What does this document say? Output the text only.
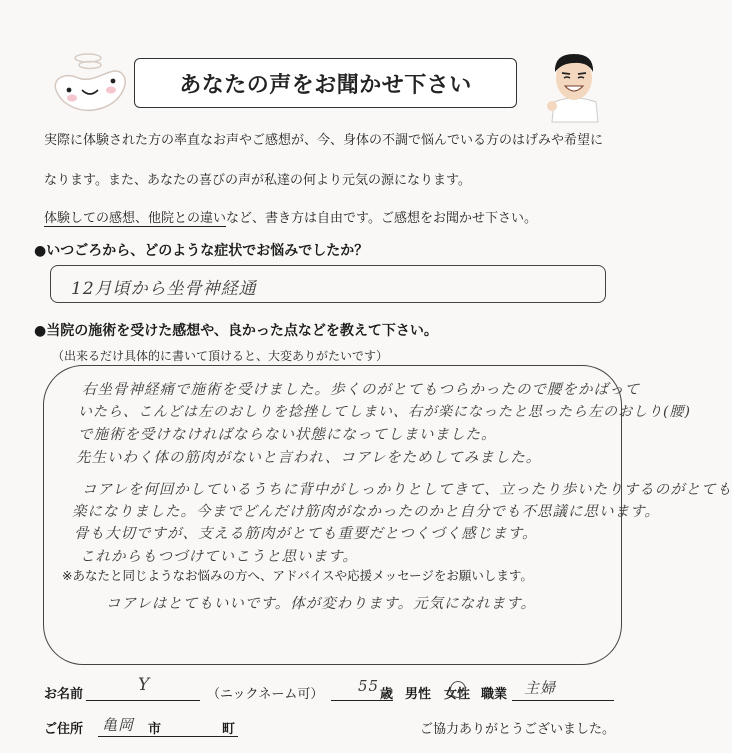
あなたの声をお聞かせ下さい
実際に体験された方の率直なお声やご感想が、今、身体の不調で悩んでいる方のはげみや希望に
なります。また、あなたの喜びの声が私達の何より元気の源になります。
体験しての感想、他院との違いなど、書き方は自由です。ご感想をお聞かせ下さい。
●いつごろから、どのような症状でお悩みでしたか？
12月頃から坐骨神経通
●当院の施術を受けた感想や、良かった点などを教えて下さい。
（出来るだけ具体的に書いて頂けると、大変ありがたいです）
右坐骨神経痛で施術を受けました。歩くのがとてもつらかったので腰をかばって
いたら、こんどは左のおしりを捻挫してしまい、右が楽になったと思ったら左のおしり(腰)
で施術を受けなければならない状態になってしまいました。
先生いわく体の筋肉がないと言われ、コアレをためしてみました。
コアレを何回かしているうちに背中がしっかりとしてきて、立ったり歩いたりするのがとても
楽になりました。今までどんだけ筋肉がなかったのかと自分でも不思議に思います。
骨も大切ですが、支える筋肉がとても重要だとつくづく感じます。
これからもつづけていこうと思います。
※あなたと同じようなお悩みの方へ、アドバイスや応援メッセージをお願いします。
コアレはとてもいいです。体が変わります。元気になれます。
お名前	Y	（ニックネーム可） 55 歳 男性 女性 職業 主婦
ご住所 亀岡 市	町	ご協力ありがとうございました。
